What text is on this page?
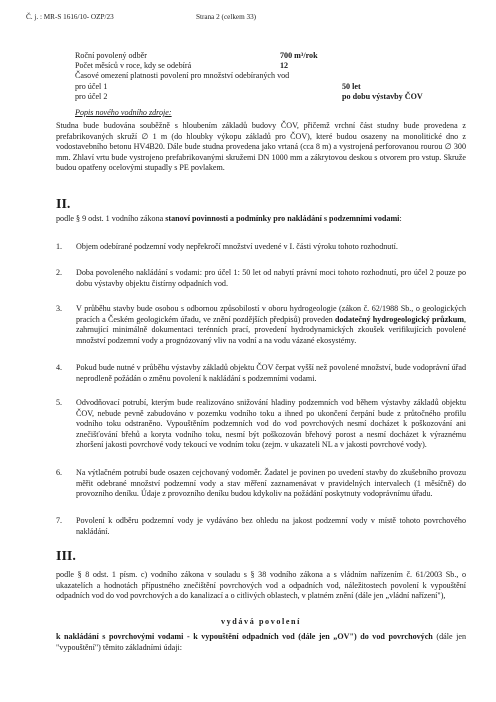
Č. j. : MR-S 1616/10- OZP/23	Strana 2 (celkem 33)
Roční povolený odběr	700 m³/rok
Počet měsíců v roce, kdy se odebírá	12
Časové omezení platnosti povolení pro množství odebíraných vod
pro účel 1	50 let
pro účel 2	po dobu výstavby ČOV
Popis nového vodního zdroje:
Studna bude budována souběžně s hloubením základů budovy ČOV, přičemž vrchní část studny bude provedena z prefabrikovaných skruží ∅ 1 m (do hloubky výkopu základů pro ČOV), které budou osazeny na monolitické dno z vodostavebního betonu HV4B20. Dále bude studna provedena jako vrtaná (cca 8 m) a vystrojená perforovanou rourou ∅ 300 mm. Zhlaví vrtu bude vystrojeno prefabrikovanými skružemi DN 1000 mm a zákrytovou deskou s otvorem pro vstup. Skruže budou opatřeny ocelovými stupadly s PE povlakem.
II.
podle § 9 odst. 1 vodního zákona stanoví povinnosti a podmínky pro nakládání s podzemními vodami:
1. Objem odebírané podzemní vody nepřekročí množství uvedené v I. části výroku tohoto rozhodnutí.
2. Doba povoleného nakládání s vodami: pro účel 1: 50 let od nabytí právní moci tohoto rozhodnutí, pro účel 2 pouze po dobu výstavby objektu čistírny odpadních vod.
3. V průběhu stavby bude osobou s odbornou způsobilostí v oboru hydrogeologie (zákon č. 62/1988 Sb., o geologických pracích a Českém geologickém úřadu, ve znění pozdějších předpisů) proveden dodatečný hydrogeologický průzkum, zahrnující minimálně dokumentaci terénních prací, provedení hydrodynamických zkoušek verifikujících povolené množství podzemní vody a prognózovaný vliv na vodní a na vodu vázané ekosystémy.
4. Pokud bude nutné v průběhu výstavby základů objektu ČOV čerpat vyšší než povolené množství, bude vodoprávní úřad neprodleně požádán o změnu povolení k nakládání s podzemními vodami.
5. Odvodňovací potrubí, kterým bude realizováno snižování hladiny podzemních vod během výstavby základů objektu ČOV, nebude pevně zabudováno v pozemku vodního toku a ihned po ukončení čerpání bude z průtočného profilu vodního toku odstraněno. Vypouštěním podzemních vod do vod povrchových nesmí docházet k poškozování ani znečišťování břehů a koryta vodního toku, nesmí být poškozován břehový porost a nesmí docházet k výraznému zhoršení jakosti povrchové vody tekoucí ve vodním toku (zejm. v ukazateli NL a v jakosti povrchové vody).
6. Na výtlačném potrubí bude osazen cejchovaný vodoměr. Žadatel je povinen po uvedení stavby do zkušebního provozu měřit odebrané množství podzemní vody a stav měření zaznamenávat v pravidelných intervalech (1 měsíčně) do provozního deníku. Údaje z provozního deníku budou kdykoliv na požádání poskytnuty vodoprávnímu úřadu.
7. Povolení k odběru podzemní vody je vydáváno bez ohledu na jakost podzemní vody v místě tohoto povrchového nakládání.
III.
podle § 8 odst. 1 písm. c) vodního zákona v souladu s § 38 vodního zákona a s vládním nařízením č. 61/2003 Sb., o ukazatelích a hodnotách přípustného znečištění povrchových vod a odpadních vod, náležitostech povolení k vypouštění odpadních vod do vod povrchových a do kanalizací a o citlivých oblastech, v platném znění (dále jen „vládní nařízení"),
vydává povolení
k nakládání s povrchovými vodami - k vypouštění odpadních vod (dále jen „OV") do vod povrchových (dále jen "vypouštění") těmito základními údaji:
